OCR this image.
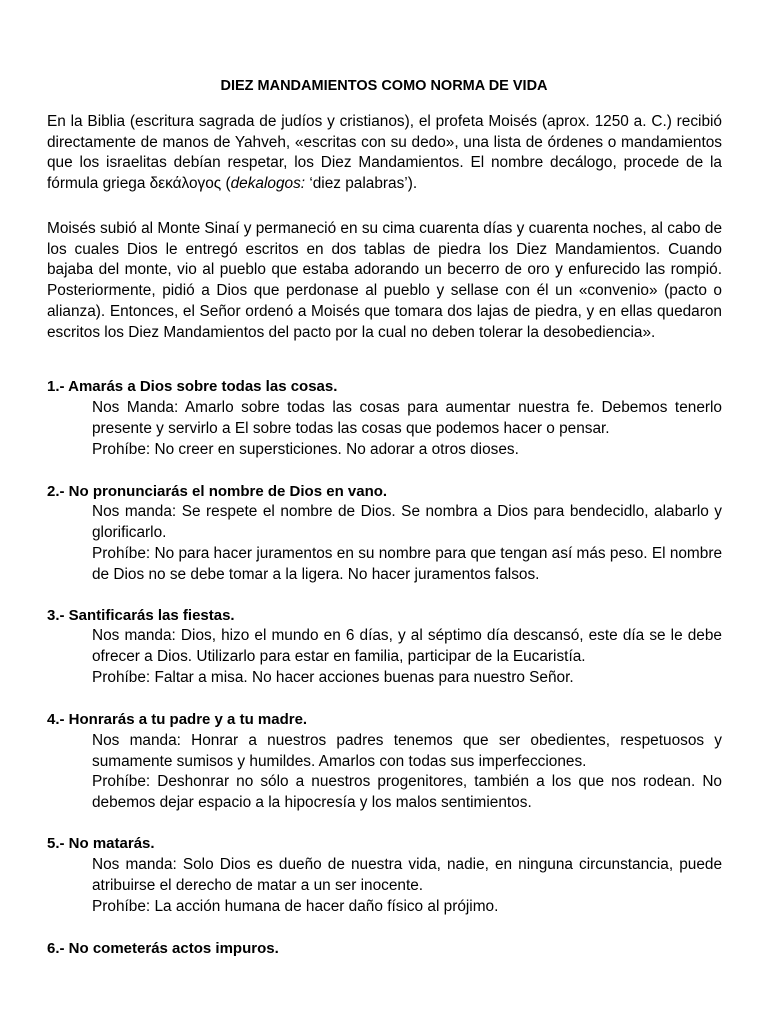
DIEZ MANDAMIENTOS COMO NORMA DE VIDA

En la Biblia (escritura sagrada de judíos y cristianos), el profeta Moisés (aprox. 1250 a. C.) recibió directamente de manos de Yahveh, «escritas con su dedo», una lista de órdenes o mandamientos que los israelitas debían respetar, los Diez Mandamientos. El nombre decálogo, procede de la fórmula griega δεκάλογος (dekalogos: ‘diez palabras’).

Moisés subió al Monte Sinaí y permaneció en su cima cuarenta días y cuarenta noches, al cabo de los cuales Dios le entregó escritos en dos tablas de piedra los Diez Mandamientos. Cuando bajaba del monte, vio al pueblo que estaba adorando un becerro de oro y enfurecido las rompió. Posteriormente, pidió a Dios que perdonase al pueblo y sellase con él un «convenio» (pacto o alianza). Entonces, el Señor ordenó a Moisés que tomara dos lajas de piedra, y en ellas quedaron escritos los Diez Mandamientos del pacto por la cual no deben tolerar la desobediencia».

1.- Amarás a Dios sobre todas las cosas.

Nos Manda: Amarlo sobre todas las cosas para aumentar nuestra fe. Debemos tenerlo presente y servirlo a El sobre todas las cosas que podemos hacer o pensar.

Prohíbe: No creer en supersticiones. No adorar a otros dioses.

2.- No pronunciarás el nombre de Dios en vano.

Nos manda: Se respete el nombre de Dios. Se nombra a Dios para bendecidlo, alabarlo y glorificarlo.

Prohíbe: No para hacer juramentos en su nombre para que tengan así más peso. El nombre de Dios no se debe tomar a la ligera. No hacer juramentos falsos.

3.- Santificarás las fiestas.

Nos manda: Dios, hizo el mundo en 6 días, y al séptimo día descansó, este día se le debe ofrecer a Dios. Utilizarlo para estar en familia, participar de la Eucaristía.

Prohíbe: Faltar a misa. No hacer acciones buenas para nuestro Señor.

4.- Honrarás a tu padre y a tu madre.

Nos manda: Honrar a nuestros padres tenemos que ser obedientes, respetuosos y sumamente sumisos y humildes. Amarlos con todas sus imperfecciones.

Prohíbe: Deshonrar no sólo a nuestros progenitores, también a los que nos rodean. No debemos dejar espacio a la hipocresía y los malos sentimientos.

5.- No matarás.

Nos manda: Solo Dios es dueño de nuestra vida, nadie, en ninguna circunstancia, puede atribuirse el derecho de matar a un ser inocente.

Prohíbe: La acción humana de hacer daño físico al prójimo.

6.- No cometerás actos impuros.
